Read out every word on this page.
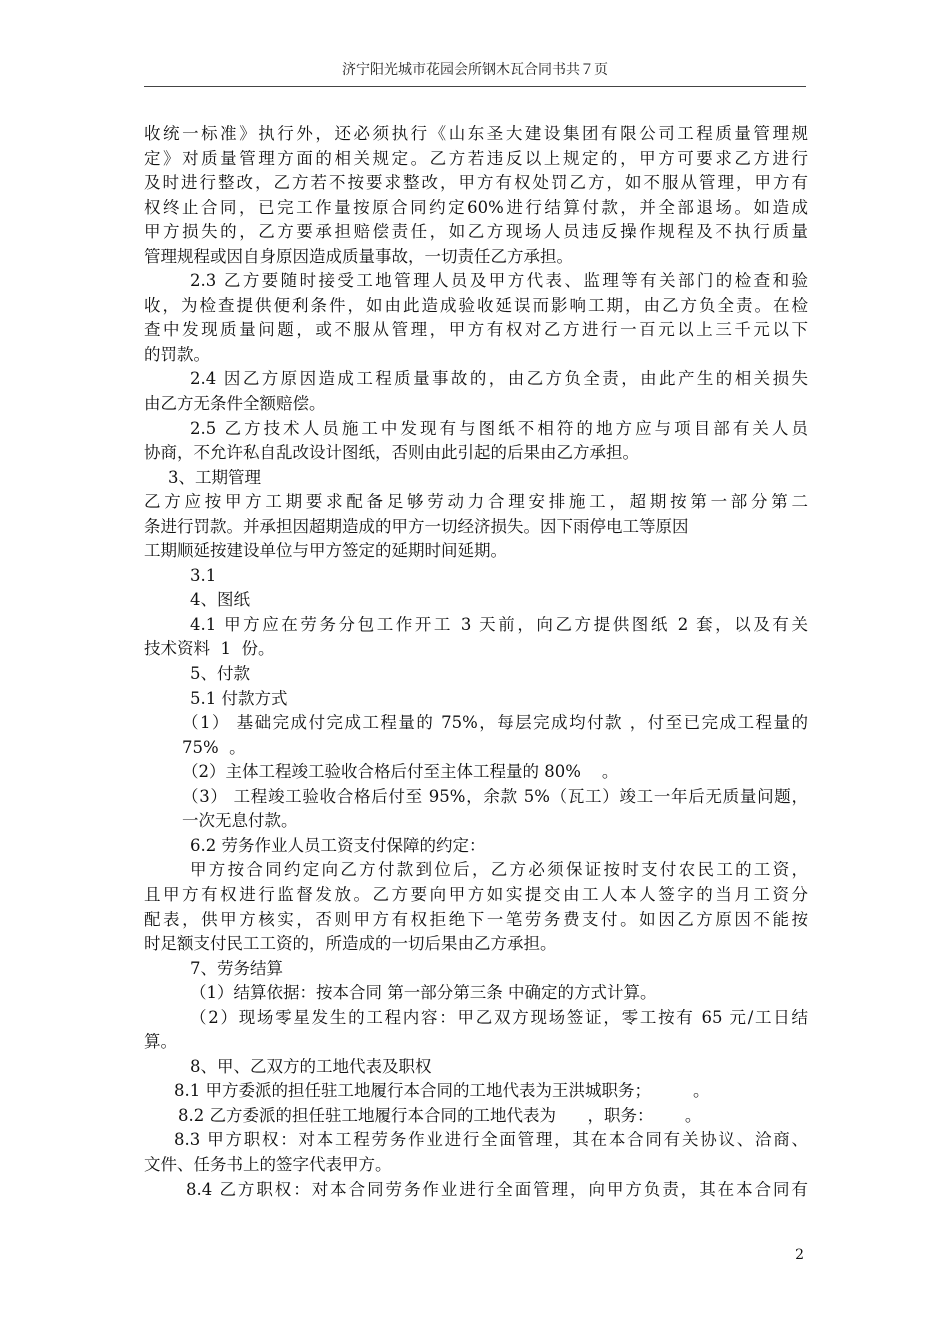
济宁阳光城市花园会所钢木瓦合同书共７页
收统一标准》执行外，还必须执行《山东圣大建设集团有限公司工程质量管理规
定》对质量管理方面的相关规定。乙方若违反以上规定的，甲方可要求乙方进行
及时进行整改，乙方若不按要求整改，甲方有权处罚乙方，如不服从管理，甲方有
权终止合同，已完工作量按原合同约定60%进行结算付款，并全部退场。如造成
甲方损失的，乙方要承担赔偿责任，如乙方现场人员违反操作规程及不执行质量
管理规程或因自身原因造成质量事故，一切责任乙方承担。
2.3 乙方要随时接受工地管理人员及甲方代表、监理等有关部门的检查和验
收，为检查提供便利条件，如由此造成验收延误而影响工期，由乙方负全责。在检
查中发现质量问题，或不服从管理，甲方有权对乙方进行一百元以上三千元以下
的罚款。
2.4 因乙方原因造成工程质量事故的，由乙方负全责，由此产生的相关损失
由乙方无条件全额赔偿。
2.5 乙方技术人员施工中发现有与图纸不相符的地方应与项目部有关人员
协商，不允许私自乱改设计图纸，否则由此引起的后果由乙方承担。
3、工期管理
乙方应按甲方工期要求配备足够劳动力合理安排施工，超期按第一部分第二
条进行罚款。并承担因超期造成的甲方一切经济损失。因下雨停电工等原因
工期顺延按建设单位与甲方签定的延期时间延期。
3.1
4、图纸
4.1 甲方应在劳务分包工作开工 3 天前，向乙方提供图纸 2 套，以及有关
技术资料  1  份。
5、付款
5.1 付款方式
（1） 基础完成付完成工程量的 75%，每层完成均付款 ，付至已完成工程量的
75%  。
（2）主体工程竣工验收合格后付至主体工程量的 80%    。
（3） 工程竣工验收合格后付至 95%，余款 5%（瓦工）竣工一年后无质量问题，
一次无息付款。
6.2 劳务作业人员工资支付保障的约定：
甲方按合同约定向乙方付款到位后，乙方必须保证按时支付农民工的工资，
且甲方有权进行监督发放。乙方要向甲方如实提交由工人本人签字的当月工资分
配表，供甲方核实，否则甲方有权拒绝下一笔劳务费支付。如因乙方原因不能按
时足额支付民工工资的，所造成的一切后果由乙方承担。
7、劳务结算
（1）结算依据：按本合同 第一部分第三条 中确定的方式计算。
（2）现场零星发生的工程内容：甲乙双方现场签证，零工按有 65 元/工日结
算。
8、甲、乙双方的工地代表及职权
8.1 甲方委派的担任驻工地履行本合同的工地代表为王洪城职务；        。
8.2 乙方委派的担任驻工地履行本合同的工地代表为      ，职务：      。
8.3 甲方职权：对本工程劳务作业进行全面管理，其在本合同有关协议、洽商、
文件、任务书上的签字代表甲方。
8.4 乙方职权：对本合同劳务作业进行全面管理，向甲方负责，其在本合同有
2
